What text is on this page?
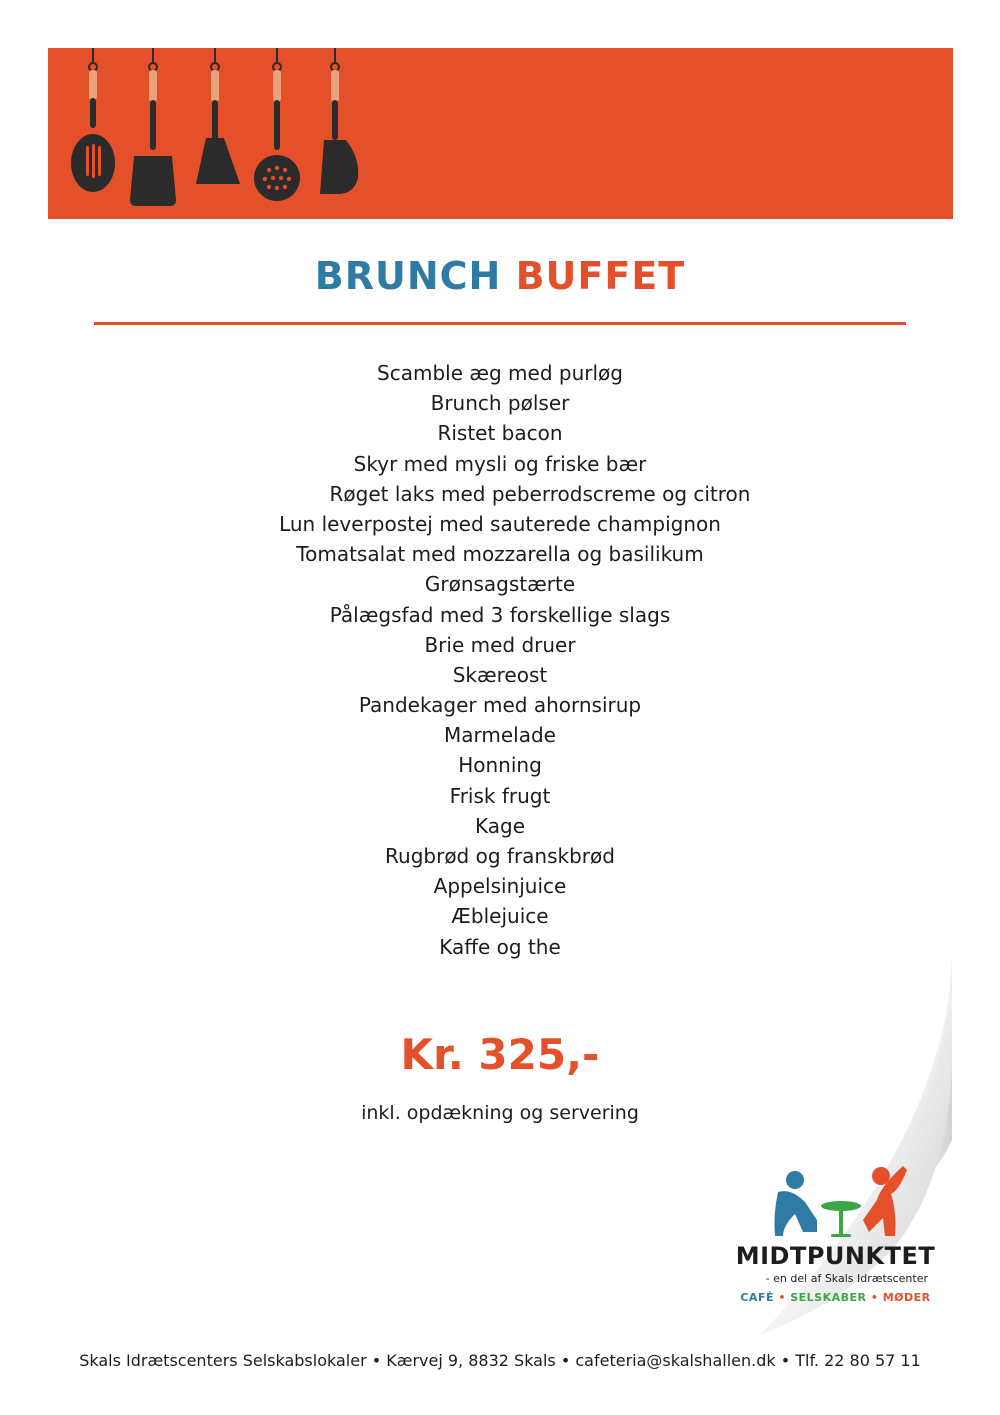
BRUNCH BUFFET
Scamble æg med purløg
Brunch pølser
Ristet bacon
Skyr med mysli og friske bær
Røget laks med peberrodscreme og citron
Lun leverpostej med sauterede champignon
Tomatsalat med mozzarella og basilikum
Grønsagstærte
Pålægsfad med 3 forskellige slags
Brie med druer
Skæreost
Pandekager med ahornsirup
Marmelade
Honning
Frisk frugt
Kage
Rugbrød og franskbrød
Appelsinjuice
Æblejuice
Kaffe og the
Kr. 325,-
inkl. opdækning og servering
MIDTPUNKTET
- en del af Skals Idrætscenter
CAFÉ • SELSKABER • MØDER
Skals Idrætscenters Selskabslokaler • Kærvej 9, 8832 Skals • cafeteria@skalshallen.dk • Tlf. 22 80 57 11
